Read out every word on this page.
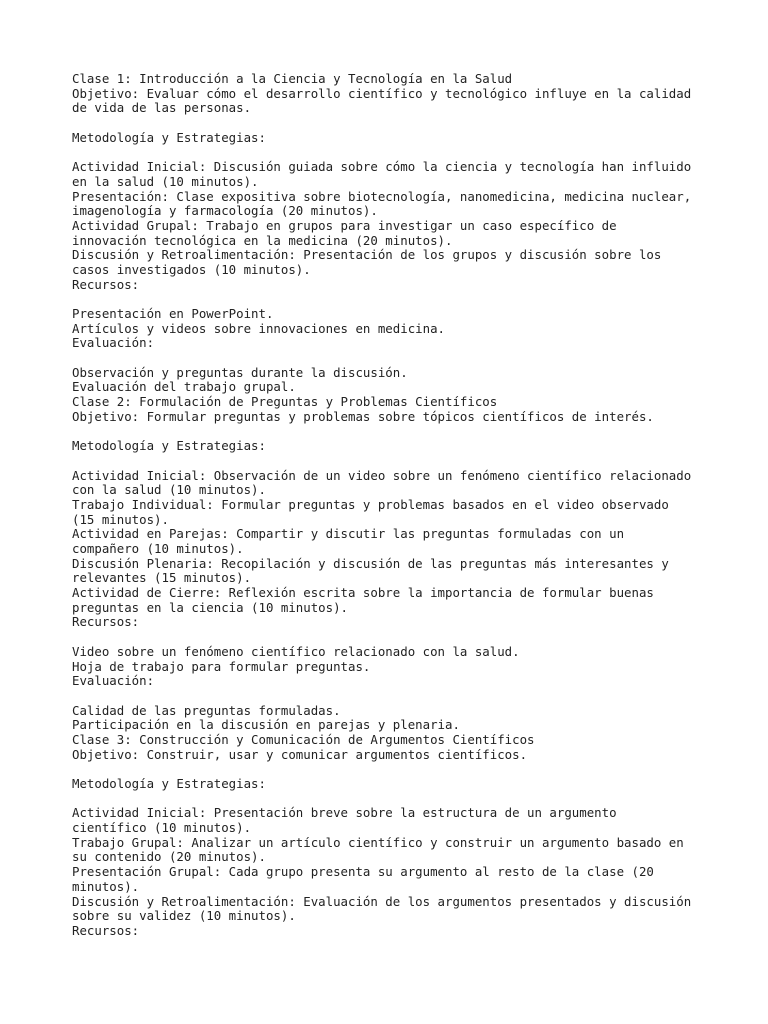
Clase 1: Introducción a la Ciencia y Tecnología en la Salud
Objetivo: Evaluar cómo el desarrollo científico y tecnológico influye en la calidad
de vida de las personas.
Metodología y Estrategias:
Actividad Inicial: Discusión guiada sobre cómo la ciencia y tecnología han influido
en la salud (10 minutos).
Presentación: Clase expositiva sobre biotecnología, nanomedicina, medicina nuclear,
imagenología y farmacología (20 minutos).
Actividad Grupal: Trabajo en grupos para investigar un caso específico de
innovación tecnológica en la medicina (20 minutos).
Discusión y Retroalimentación: Presentación de los grupos y discusión sobre los
casos investigados (10 minutos).
Recursos:
Presentación en PowerPoint.
Artículos y videos sobre innovaciones en medicina.
Evaluación:
Observación y preguntas durante la discusión.
Evaluación del trabajo grupal.
Clase 2: Formulación de Preguntas y Problemas Científicos
Objetivo: Formular preguntas y problemas sobre tópicos científicos de interés.
Metodología y Estrategias:
Actividad Inicial: Observación de un video sobre un fenómeno científico relacionado
con la salud (10 minutos).
Trabajo Individual: Formular preguntas y problemas basados en el video observado
(15 minutos).
Actividad en Parejas: Compartir y discutir las preguntas formuladas con un
compañero (10 minutos).
Discusión Plenaria: Recopilación y discusión de las preguntas más interesantes y
relevantes (15 minutos).
Actividad de Cierre: Reflexión escrita sobre la importancia de formular buenas
preguntas en la ciencia (10 minutos).
Recursos:
Video sobre un fenómeno científico relacionado con la salud.
Hoja de trabajo para formular preguntas.
Evaluación:
Calidad de las preguntas formuladas.
Participación en la discusión en parejas y plenaria.
Clase 3: Construcción y Comunicación de Argumentos Científicos
Objetivo: Construir, usar y comunicar argumentos científicos.
Metodología y Estrategias:
Actividad Inicial: Presentación breve sobre la estructura de un argumento
científico (10 minutos).
Trabajo Grupal: Analizar un artículo científico y construir un argumento basado en
su contenido (20 minutos).
Presentación Grupal: Cada grupo presenta su argumento al resto de la clase (20
minutos).
Discusión y Retroalimentación: Evaluación de los argumentos presentados y discusión
sobre su validez (10 minutos).
Recursos:
